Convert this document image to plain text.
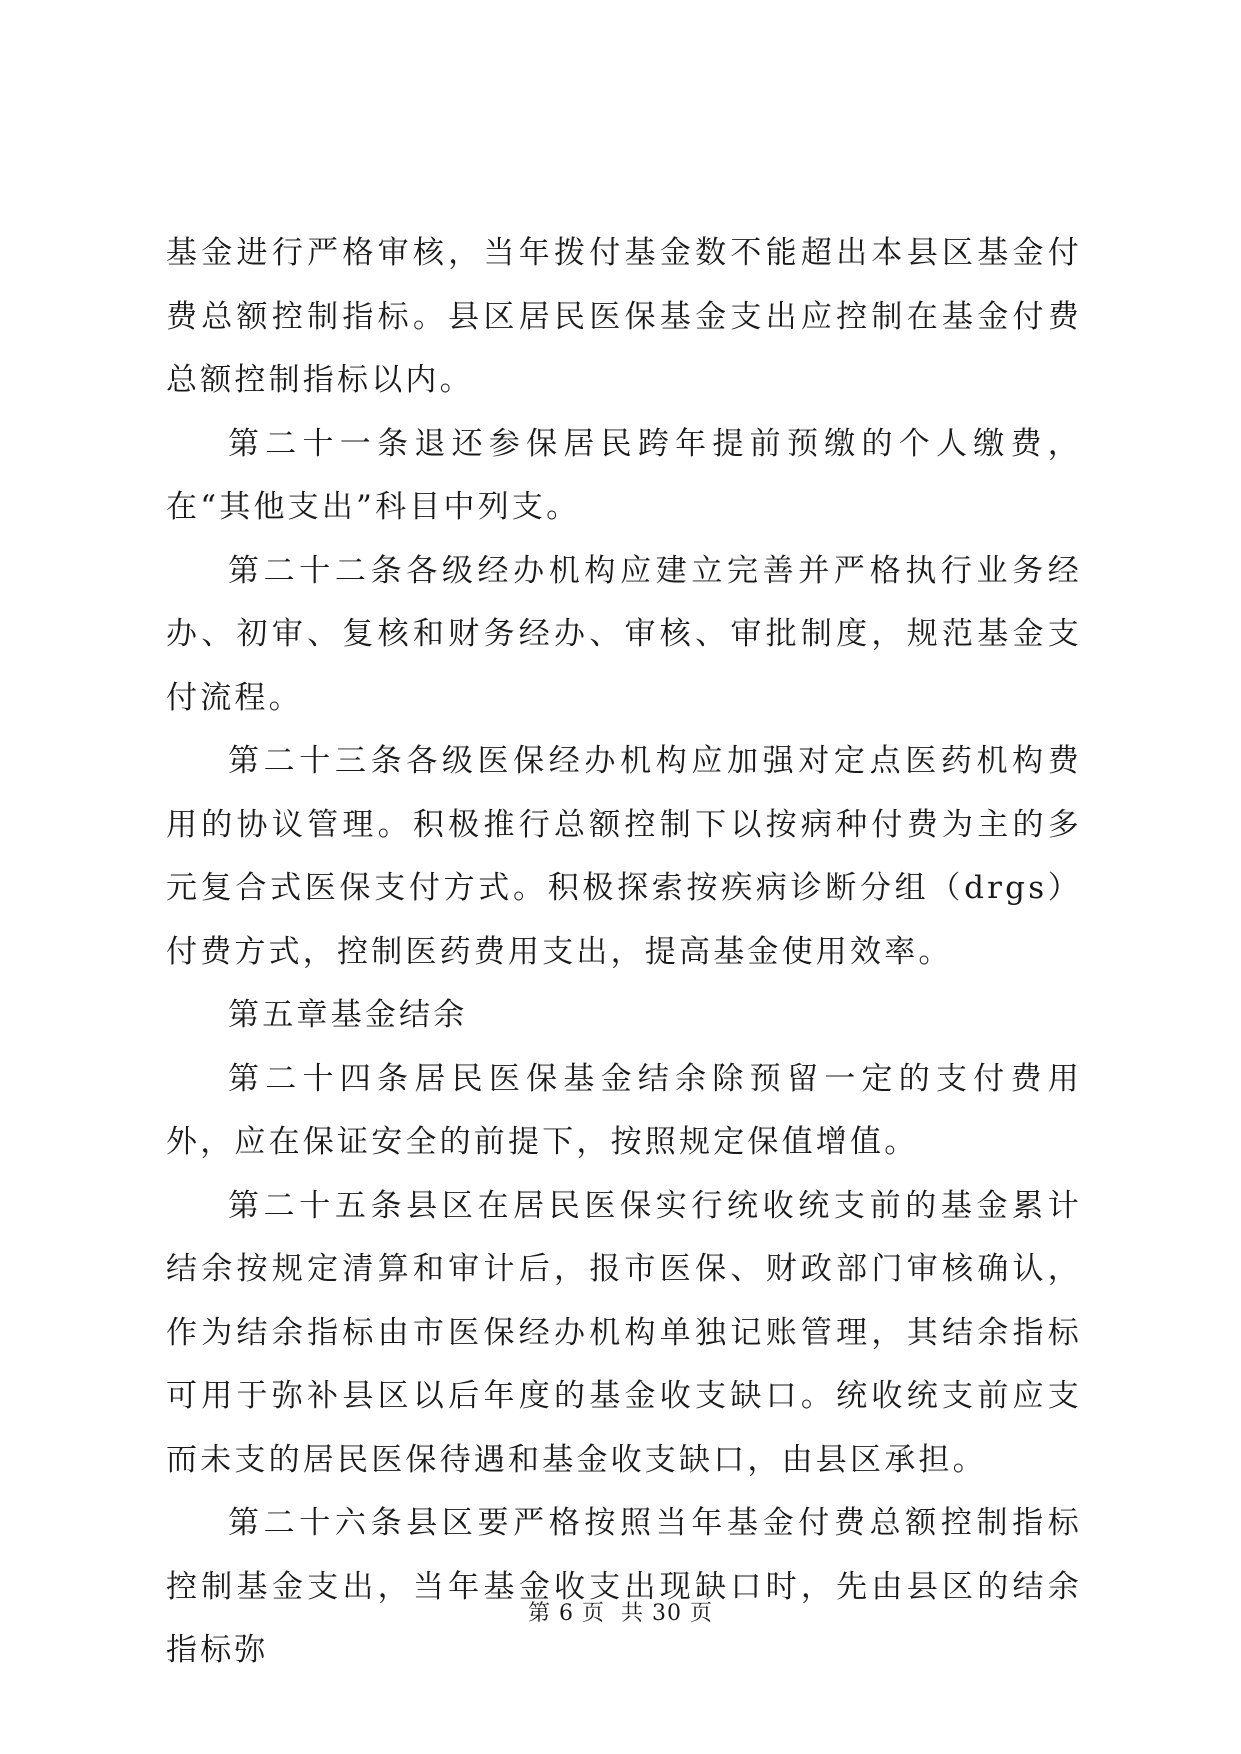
基金进行严格审核，当年拨付基金数不能超出本县区基金付费总额控制指标。县区居民医保基金支出应控制在基金付费总额控制指标以内。

第二十一条退还参保居民跨年提前预缴的个人缴费，在“其他支出”科目中列支。

第二十二条各级经办机构应建立完善并严格执行业务经办、初审、复核和财务经办、审核、审批制度，规范基金支付流程。

第二十三条各级医保经办机构应加强对定点医药机构费用的协议管理。积极推行总额控制下以按病种付费为主的多元复合式医保支付方式。积极探索按疾病诊断分组（drgs）付费方式，控制医药费用支出，提高基金使用效率。

第五章基金结余

第二十四条居民医保基金结余除预留一定的支付费用外，应在保证安全的前提下，按照规定保值增值。

第二十五条县区在居民医保实行统收统支前的基金累计结余按规定清算和审计后，报市医保、财政部门审核确认，作为结余指标由市医保经办机构单独记账管理，其结余指标可用于弥补县区以后年度的基金收支缺口。统收统支前应支而未支的居民医保待遇和基金收支缺口，由县区承担。

第二十六条县区要严格按照当年基金付费总额控制指标控制基金支出，当年基金收支出现缺口时，先由县区的结余指标弥

第 6 页 共 30 页
